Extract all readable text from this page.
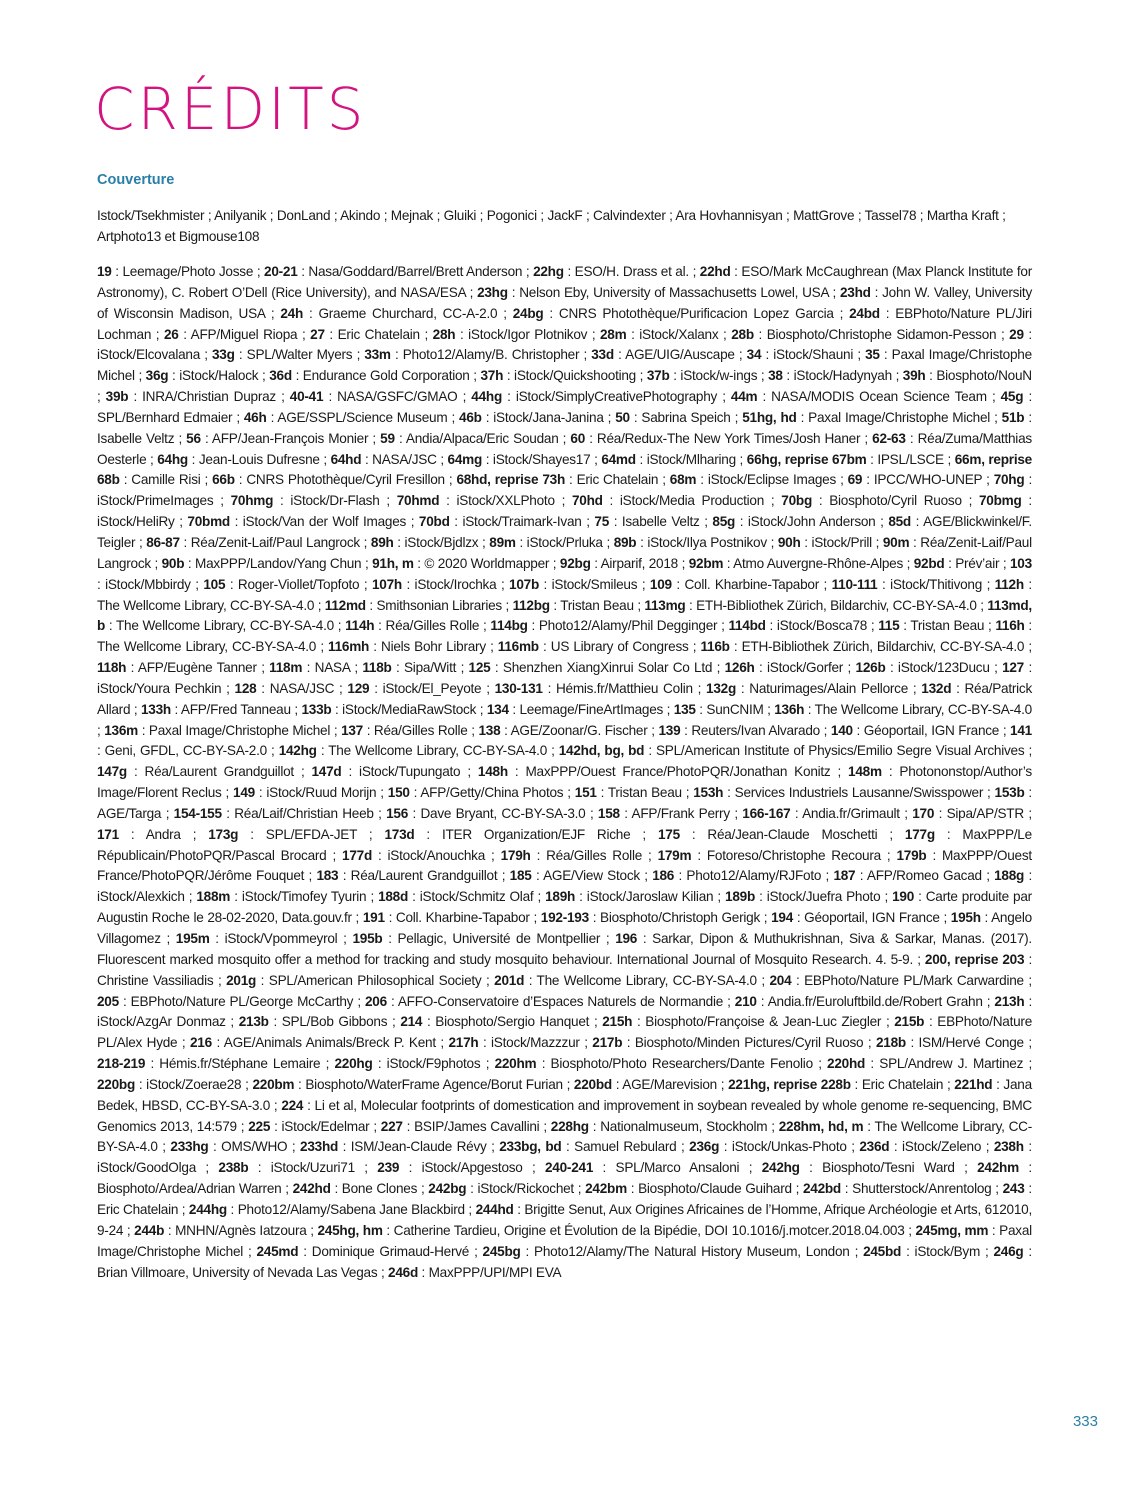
CRÉDITS
Couverture
Istock/Tsekhmister ; Anilyanik ; DonLand ; Akindo ; Mejnak ; Gluiki ; Pogonici ; JackF ; Calvindexter ; Ara Hovhannisyan ; MattGrove ; Tassel78 ; Martha Kraft ; Artphoto13 et Bigmouse108
19 : Leemage/Photo Josse ; 20-21 : Nasa/Goddard/Barrel/Brett Anderson ; 22hg : ESO/H. Drass et al. ; 22hd : ESO/Mark McCaughrean (Max Planck Institute for Astronomy), C. Robert O’Dell (Rice University), and NASA/ESA ; 23hg : Nelson Eby, University of Massachusetts Lowel, USA ; 23hd : John W. Valley, University of Wisconsin Madison, USA ; 24h : Graeme Churchard, CC-A-2.0 ; 24bg : CNRS Photothèque/Purificacion Lopez Garcia ; 24bd : EBPhoto/Nature PL/Jiri Lochman ; 26 : AFP/Miguel Riopa ; 27 : Eric Chatelain ; 28h : iStock/Igor Plotnikov ; 28m : iStock/Xalanx ; 28b : Biosphoto/Christophe Sidamon-Pesson ; 29 : iStock/Elcovalana ; 33g : SPL/Walter Myers ; 33m : Photo12/Alamy/B. Christopher ; 33d : AGE/UIG/Auscape ; 34 : iStock/Shauni ; 35 : Paxal Image/Christophe Michel ; 36g : iStock/Halock ; 36d : Endurance Gold Corporation ; 37h : iStock/Quickshooting ; 37b : iStock/w-ings ; 38 : iStock/Hadynyah ; 39h : Biosphoto/NouN ; 39b : INRA/Christian Dupraz ; 40-41 : NASA/GSFC/GMAO ; 44hg : iStock/SimplyCreativePhotography ; 44m : NASA/MODIS Ocean Science Team ; 45g : SPL/Bernhard Edmaier ; 46h : AGE/SSPL/Science Museum ; 46b : iStock/Jana-Janina ; 50 : Sabrina Speich ; 51hg, hd : Paxal Image/Christophe Michel ; 51b : Isabelle Veltz ; 56 : AFP/Jean-François Monier ; 59 : Andia/Alpaca/Eric Soudan ; 60 : Réa/Redux-The New York Times/Josh Haner ; 62-63 : Réa/Zuma/Matthias Oesterle ; 64hg : Jean-Louis Dufresne ; 64hd : NASA/JSC ; 64mg : iStock/Shayes17 ; 64md : iStock/Mlharing ; 66hg, reprise 67bm : IPSL/LSCE ; 66m, reprise 68b : Camille Risi ; 66b : CNRS Photothèque/Cyril Fresillon ; 68hd, reprise 73h : Eric Chatelain ; 68m : iStock/Eclipse Images ; 69 : IPCC/WHO-UNEP ; 70hg : iStock/PrimeImages ; 70hmg : iStock/Dr-Flash ; 70hmd : iStock/XXLPhoto ; 70hd : iStock/Media Production ; 70bg : Biosphoto/Cyril Ruoso ; 70bmg : iStock/HeliRy ; 70bmd : iStock/Van der Wolf Images ; 70bd : iStock/Traimark-Ivan ; 75 : Isabelle Veltz ; 85g : iStock/John Anderson ; 85d : AGE/Blickwinkel/F. Teigler ; 86-87 : Réa/Zenit-Laif/Paul Langrock ; 89h : iStock/Bjdlzx ; 89m : iStock/Prluka ; 89b : iStock/Ilya Postnikov ; 90h : iStock/Prill ; 90m : Réa/Zenit-Laif/Paul Langrock ; 90b : MaxPPP/Landov/Yang Chun ; 91h, m : © 2020 Worldmapper ; 92bg : Airparif, 2018 ; 92bm : Atmo Auvergne-Rhône-Alpes ; 92bd : Prév’air ; 103 : iStock/Mbbirdy ; 105 : Roger-Viollet/Topfoto ; 107h : iStock/Irochka ; 107b : iStock/Smileus ; 109 : Coll. Kharbine-Tapabor ; 110-111 : iStock/Thitivong ; 112h : The Wellcome Library, CC-BY-SA-4.0 ; 112md : Smithsonian Libraries ; 112bg : Tristan Beau ; 113mg : ETH-Bibliothek Zürich, Bildarchiv, CC-BY-SA-4.0 ; 113md, b : The Wellcome Library, CC-BY-SA-4.0 ; 114h : Réa/Gilles Rolle ; 114bg : Photo12/Alamy/Phil Degginger ; 114bd : iStock/Bosca78 ; 115 : Tristan Beau ; 116h : The Wellcome Library, CC-BY-SA-4.0 ; 116mh : Niels Bohr Library ; 116mb : US Library of Congress ; 116b : ETH-Bibliothek Zürich, Bildarchiv, CC-BY-SA-4.0 ; 118h : AFP/Eugène Tanner ; 118m : NASA ; 118b : Sipa/Witt ; 125 : Shenzhen XiangXinrui Solar Co Ltd ; 126h : iStock/Gorfer ; 126b : iStock/123Ducu ; 127 : iStock/Youra Pechkin ; 128 : NASA/JSC ; 129 : iStock/El_Peyote ; 130-131 : Hémis.fr/Matthieu Colin ; 132g : Naturimages/Alain Pellorce ; 132d : Réa/Patrick Allard ; 133h : AFP/Fred Tanneau ; 133b : iStock/MediaRawStock ; 134 : Leemage/FineArtImages ; 135 : SunCNIM ; 136h : The Wellcome Library, CC-BY-SA-4.0 ; 136m : Paxal Image/Christophe Michel ; 137 : Réa/Gilles Rolle ; 138 : AGE/Zoonar/G. Fischer ; 139 : Reuters/Ivan Alvarado ; 140 : Géoportail, IGN France ; 141 : Geni, GFDL, CC-BY-SA-2.0 ; 142hg : The Wellcome Library, CC-BY-SA-4.0 ; 142hd, bg, bd : SPL/American Institute of Physics/Emilio Segre Visual Archives ; 147g : Réa/Laurent Grandguillot ; 147d : iStock/Tupungato ; 148h : MaxPPP/Ouest France/PhotoPQR/Jonathan Konitz ; 148m : Photononstop/Author’s Image/Florent Reclus ; 149 : iStock/Ruud Morijn ; 150 : AFP/Getty/China Photos ; 151 : Tristan Beau ; 153h : Services Industriels Lausanne/Swisspower ; 153b : AGE/Targa ; 154-155 : Réa/Laif/Christian Heeb ; 156 : Dave Bryant, CC-BY-SA-3.0 ; 158 : AFP/Frank Perry ; 166-167 : Andia.fr/Grimault ; 170 : Sipa/AP/STR ; 171 : Andra ; 173g : SPL/EFDA-JET ; 173d : ITER Organization/EJF Riche ; 175 : Réa/Jean-Claude Moschetti ; 177g : MaxPPP/Le Républicain/PhotoPQR/Pascal Brocard ; 177d : iStock/Anouchka ; 179h : Réa/Gilles Rolle ; 179m : Fotoreso/Christophe Recoura ; 179b : MaxPPP/Ouest France/PhotoPQR/Jérôme Fouquet ; 183 : Réa/Laurent Grandguillot ; 185 : AGE/View Stock ; 186 : Photo12/Alamy/RJFoto ; 187 : AFP/Romeo Gacad ; 188g : iStock/Alexkich ; 188m : iStock/Timofey Tyurin ; 188d : iStock/Schmitz Olaf ; 189h : iStock/Jaroslaw Kilian ; 189b : iStock/Juefra Photo ; 190 : Carte produite par Augustin Roche le 28-02-2020, Data.gouv.fr ; 191 : Coll. Kharbine-Tapabor ; 192-193 : Biosphoto/Christoph Gerigk ; 194 : Géoportail, IGN France ; 195h : Angelo Villagomez ; 195m : iStock/Vpommeyrol ; 195b : Pellagic, Université de Montpellier ; 196 : Sarkar, Dipon & Muthukrishnan, Siva & Sarkar, Manas. (2017). Fluorescent marked mosquito offer a method for tracking and study mosquito behaviour. International Journal of Mosquito Research. 4. 5-9. ; 200, reprise 203 : Christine Vassiliadis ; 201g : SPL/American Philosophical Society ; 201d : The Wellcome Library, CC-BY-SA-4.0 ; 204 : EBPhoto/Nature PL/Mark Carwardine ; 205 : EBPhoto/Nature PL/George McCarthy ; 206 : AFFO-Conservatoire d’Espaces Naturels de Normandie ; 210 : Andia.fr/Euroluftbild.de/Robert Grahn ; 213h : iStock/AzgAr Donmaz ; 213b : SPL/Bob Gibbons ; 214 : Biosphoto/Sergio Hanquet ; 215h : Biosphoto/Françoise & Jean-Luc Ziegler ; 215b : EBPhoto/Nature PL/Alex Hyde ; 216 : AGE/Animals Animals/Breck P. Kent ; 217h : iStock/Mazzzur ; 217b : Biosphoto/Minden Pictures/Cyril Ruoso ; 218b : ISM/Hervé Conge ; 218-219 : Hémis.fr/Stéphane Lemaire ; 220hg : iStock/F9photos ; 220hm : Biosphoto/Photo Researchers/Dante Fenolio ; 220hd : SPL/Andrew J. Martinez ; 220bg : iStock/Zoerae28 ; 220bm : Biosphoto/WaterFrame Agence/Borut Furian ; 220bd : AGE/Marevision ; 221hg, reprise 228b : Eric Chatelain ; 221hd : Jana Bedek, HBSD, CC-BY-SA-3.0 ; 224 : Li et al, Molecular footprints of domestication and improvement in soybean revealed by whole genome re-sequencing, BMC Genomics 2013, 14:579 ; 225 : iStock/Edelmar ; 227 : BSIP/James Cavallini ; 228hg : Nationalmuseum, Stockholm ; 228hm, hd, m : The Wellcome Library, CC-BY-SA-4.0 ; 233hg : OMS/WHO ; 233hd : ISM/Jean-Claude Révy ; 233bg, bd : Samuel Rebulard ; 236g : iStock/Unkas-Photo ; 236d : iStock/Zeleno ; 238h : iStock/GoodOlga ; 238b : iStock/Uzuri71 ; 239 : iStock/Apgestoso ; 240-241 : SPL/Marco Ansaloni ; 242hg : Biosphoto/Tesni Ward ; 242hm : Biosphoto/Ardea/Adrian Warren ; 242hd : Bone Clones ; 242bg : iStock/Rickochet ; 242bm : Biosphoto/Claude Guihard ; 242bd : Shutterstock/Anrentolog ; 243 : Eric Chatelain ; 244hg : Photo12/Alamy/Sabena Jane Blackbird ; 244hd : Brigitte Senut, Aux Origines Africaines de l’Homme, Afrique Archéologie et Arts, 612010, 9-24 ; 244b : MNHN/Agnès Iatzoura ; 245hg, hm : Catherine Tardieu, Origine et Évolution de la Bipédie, DOI 10.1016/j.motcer.2018.04.003 ; 245mg, mm : Paxal Image/Christophe Michel ; 245md : Dominique Grimaud-Hervé ; 245bg : Photo12/Alamy/The Natural History Museum, London ; 245bd : iStock/Bym ; 246g : Brian Villmoare, University of Nevada Las Vegas ; 246d : MaxPPP/UPI/MPI EVA
333
